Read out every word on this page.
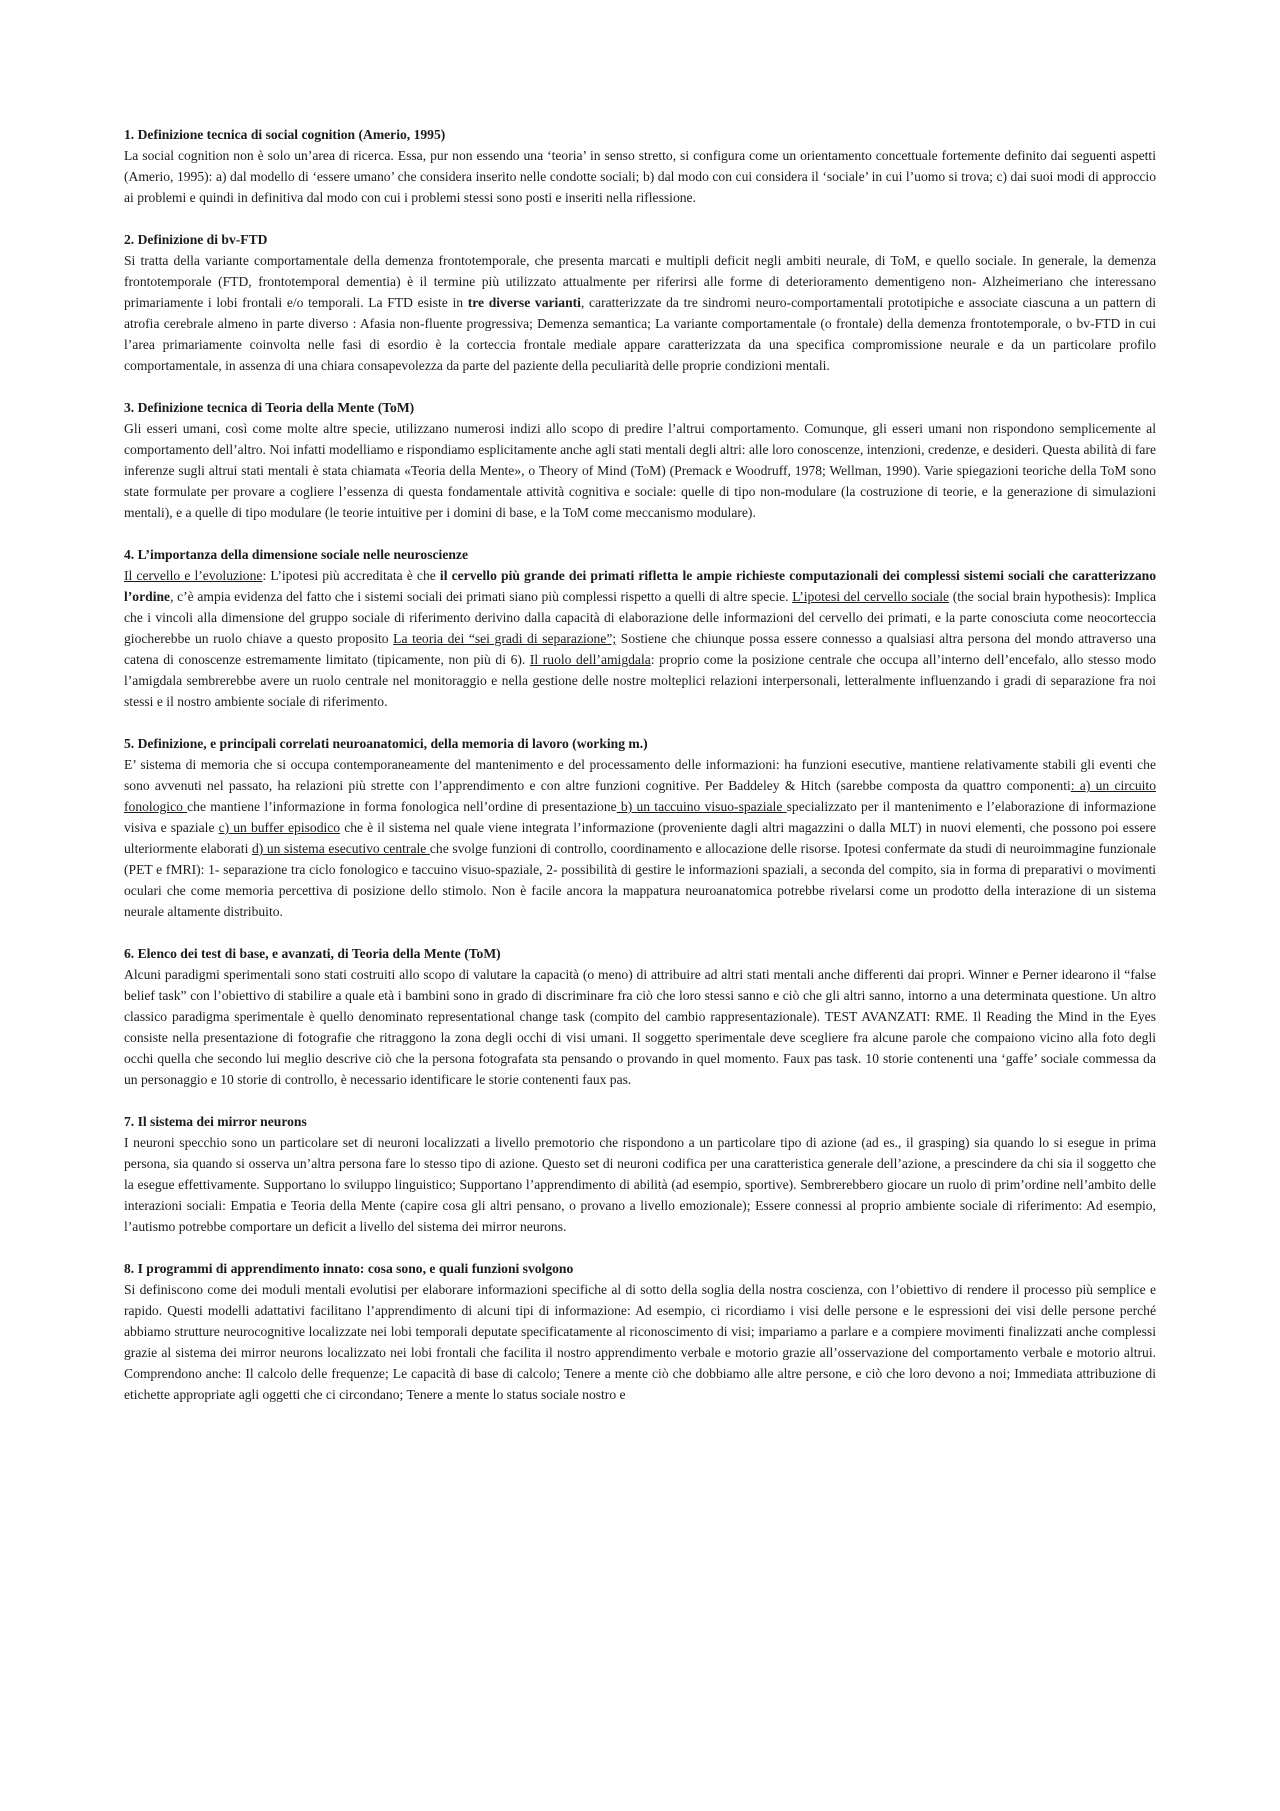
1. Definizione tecnica di social cognition (Amerio, 1995)

La social cognition non è solo un’area di ricerca. Essa, pur non essendo una ‘teoria’ in senso stretto, si configura come un orientamento concettuale fortemente definito dai seguenti aspetti (Amerio, 1995): a) dal modello di ‘essere umano’ che considera inserito nelle condotte sociali; b) dal modo con cui considera il ‘sociale’ in cui l’uomo si trova; c) dai suoi modi di approccio ai problemi e quindi in definitiva dal modo con cui i problemi stessi sono posti e inseriti nella riflessione.

2. Definizione di bv-FTD

Si tratta della variante comportamentale della demenza frontotemporale, che presenta marcati e multipli deficit negli ambiti neurale, di ToM, e quello sociale. In generale, la demenza frontotemporale (FTD, frontotemporal dementia) è il termine più utilizzato attualmente per riferirsi alle forme di deterioramento dementigeno non- Alzheimeriano che interessano primariamente i lobi frontali e/o temporali. La FTD esiste in tre diverse varianti, caratterizzate da tre sindromi neuro-comportamentali prototipiche e associate ciascuna a un pattern di atrofia cerebrale almeno in parte diverso : Afasia non-fluente progressiva; Demenza semantica; La variante comportamentale (o frontale) della demenza frontotemporale, o bv-FTD in cui l’area primariamente coinvolta nelle fasi di esordio è la corteccia frontale mediale appare caratterizzata da una specifica compromissione neurale e da un particolare profilo comportamentale, in assenza di una chiara consapevolezza da parte del paziente della peculiarità delle proprie condizioni mentali.

3. Definizione tecnica di Teoria della Mente (ToM)

Gli esseri umani, così come molte altre specie, utilizzano numerosi indizi allo scopo di predire l’altrui comportamento. Comunque, gli esseri umani non rispondono semplicemente al comportamento dell’altro. Noi infatti modelliamo e rispondiamo esplicitamente anche agli stati mentali degli altri: alle loro conoscenze, intenzioni, credenze, e desideri. Questa abilità di fare inferenze sugli altrui stati mentali è stata chiamata «Teoria della Mente», o Theory of Mind (ToM) (Premack e Woodruff, 1978; Wellman, 1990). Varie spiegazioni teoriche della ToM sono state formulate per provare a cogliere l’essenza di questa fondamentale attività cognitiva e sociale: quelle di tipo non-modulare (la costruzione di teorie, e la generazione di simulazioni mentali), e a quelle di tipo modulare (le teorie intuitive per i domini di base, e la ToM come meccanismo modulare).

4. L’importanza della dimensione sociale nelle neuroscienze

Il cervello e l’evoluzione: L’ipotesi più accreditata è che il cervello più grande dei primati rifletta le ampie richieste computazionali dei complessi sistemi sociali che caratterizzano l’ordine, c’è ampia evidenza del fatto che i sistemi sociali dei primati siano più complessi rispetto a quelli di altre specie. L’ipotesi del cervello sociale (the social brain hypothesis): Implica che i vincoli alla dimensione del gruppo sociale di riferimento derivino dalla capacità di elaborazione delle informazioni del cervello dei primati, e la parte conosciuta come neocorteccia giocherebbe un ruolo chiave a questo proposito La teoria dei “sei gradi di separazione”; Sostiene che chiunque possa essere connesso a qualsiasi altra persona del mondo attraverso una catena di conoscenze estremamente limitato (tipicamente, non più di 6). Il ruolo dell’amigdala: proprio come la posizione centrale che occupa all’interno dell’encefalo, allo stesso modo l’amigdala sembrerebbe avere un ruolo centrale nel monitoraggio e nella gestione delle nostre molteplici relazioni interpersonali, letteralmente influenzando i gradi di separazione fra noi stessi e il nostro ambiente sociale di riferimento.

5. Definizione, e principali correlati neuroanatomici, della memoria di lavoro (working m.)

E’ sistema di memoria che si occupa contemporaneamente del mantenimento e del processamento delle informazioni: ha funzioni esecutive, mantiene relativamente stabili gli eventi che sono avvenuti nel passato, ha relazioni più strette con l’apprendimento e con altre funzioni cognitive. Per Baddeley & Hitch (sarebbe composta da quattro componenti: a) un circuito fonologico che mantiene l’informazione in forma fonologica nell’ordine di presentazione b) un taccuino visuo-spaziale specializzato per il mantenimento e l’elaborazione di informazione visiva e spaziale c) un buffer episodico che è il sistema nel quale viene integrata l’informazione (proveniente dagli altri magazzini o dalla MLT) in nuovi elementi, che possono poi essere ulteriormente elaborati d) un sistema esecutivo centrale che svolge funzioni di controllo, coordinamento e allocazione delle risorse. Ipotesi confermate da studi di neuroimmagine funzionale (PET e fMRI): 1- separazione tra ciclo fonologico e taccuino visuo-spaziale, 2- possibilità di gestire le informazioni spaziali, a seconda del compito, sia in forma di preparativi o movimenti oculari che come memoria percettiva di posizione dello stimolo. Non è facile ancora la mappatura neuroanatomica potrebbe rivelarsi come un prodotto della interazione di un sistema neurale altamente distribuito.

6. Elenco dei test di base, e avanzati, di Teoria della Mente (ToM)

Alcuni paradigmi sperimentali sono stati costruiti allo scopo di valutare la capacità (o meno) di attribuire ad altri stati mentali anche differenti dai propri. Winner e Perner idearono il “false belief task” con l’obiettivo di stabilire a quale età i bambini sono in grado di discriminare fra ciò che loro stessi sanno e ciò che gli altri sanno, intorno a una determinata questione. Un altro classico paradigma sperimentale è quello denominato representational change task (compito del cambio rappresentazionale). TEST AVANZATI: RME. Il Reading the Mind in the Eyes consiste nella presentazione di fotografie che ritraggono la zona degli occhi di visi umani. Il soggetto sperimentale deve scegliere fra alcune parole che compaiono vicino alla foto degli occhi quella che secondo lui meglio descrive ciò che la persona fotografata sta pensando o provando in quel momento. Faux pas task. 10 storie contenenti una ‘gaffe’ sociale commessa da un personaggio e 10 storie di controllo, è necessario identificare le storie contenenti faux pas.

7. Il sistema dei mirror neurons

I neuroni specchio sono un particolare set di neuroni localizzati a livello premotorio che rispondono a un particolare tipo di azione (ad es., il grasping) sia quando lo si esegue in prima persona, sia quando si osserva un’altra persona fare lo stesso tipo di azione. Questo set di neuroni codifica per una caratteristica generale dell’azione, a prescindere da chi sia il soggetto che la esegue effettivamente. Supportano lo sviluppo linguistico; Supportano l’apprendimento di abilità (ad esempio, sportive). Sembrerebbero giocare un ruolo di prim’ordine nell’ambito delle interazioni sociali: Empatia e Teoria della Mente (capire cosa gli altri pensano, o provano a livello emozionale); Essere connessi al proprio ambiente sociale di riferimento: Ad esempio, l’autismo potrebbe comportare un deficit a livello del sistema dei mirror neurons.

8. I programmi di apprendimento innato: cosa sono, e quali funzioni svolgono

Si definiscono come dei moduli mentali evolutisi per elaborare informazioni specifiche al di sotto della soglia della nostra coscienza, con l’obiettivo di rendere il processo più semplice e rapido. Questi modelli adattativi facilitano l’apprendimento di alcuni tipi di informazione: Ad esempio, ci ricordiamo i visi delle persone e le espressioni dei visi delle persone perché abbiamo strutture neurocognitive localizzate nei lobi temporali deputate specificatamente al riconoscimento di visi; impariamo a parlare e a compiere movimenti finalizzati anche complessi grazie al sistema dei mirror neurons localizzato nei lobi frontali che facilita il nostro apprendimento verbale e motorio grazie all’osservazione del comportamento verbale e motorio altrui. Comprendono anche: Il calcolo delle frequenze; Le capacità di base di calcolo; Tenere a mente ciò che dobbiamo alle altre persone, e ciò che loro devono a noi; Immediata attribuzione di etichette appropriate agli oggetti che ci circondano; Tenere a mente lo status sociale nostro e
